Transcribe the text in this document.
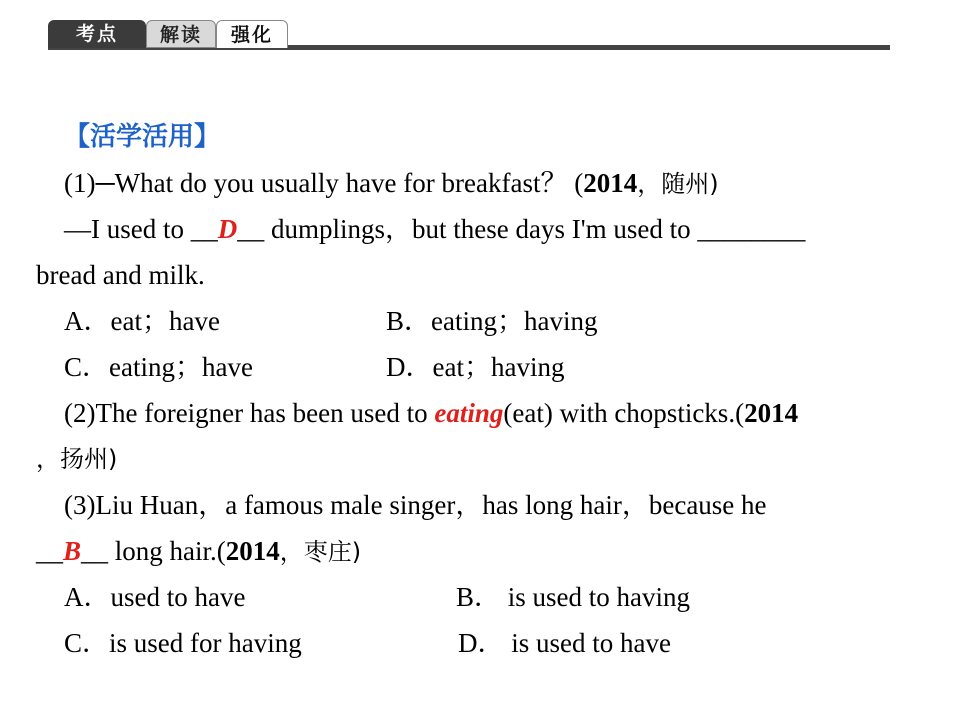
考点	解读	强化
【活学活用】
(1)─What do you usually have for breakfast？ (2014，随州)
—I used to __D__ dumplings，but these days I'm used to ________
bread and milk.
A．eat；have	B．eating；having
C．eating；have	D．eat；having
(2)The foreigner has been used to eating(eat) with chopsticks.(2014
，扬州)
(3)Liu Huan，a famous male singer，has long hair，because he
__B__ long hair.(2014，枣庄)
A．used to have	B． is used to having
C．is used for having	D． is used to have
